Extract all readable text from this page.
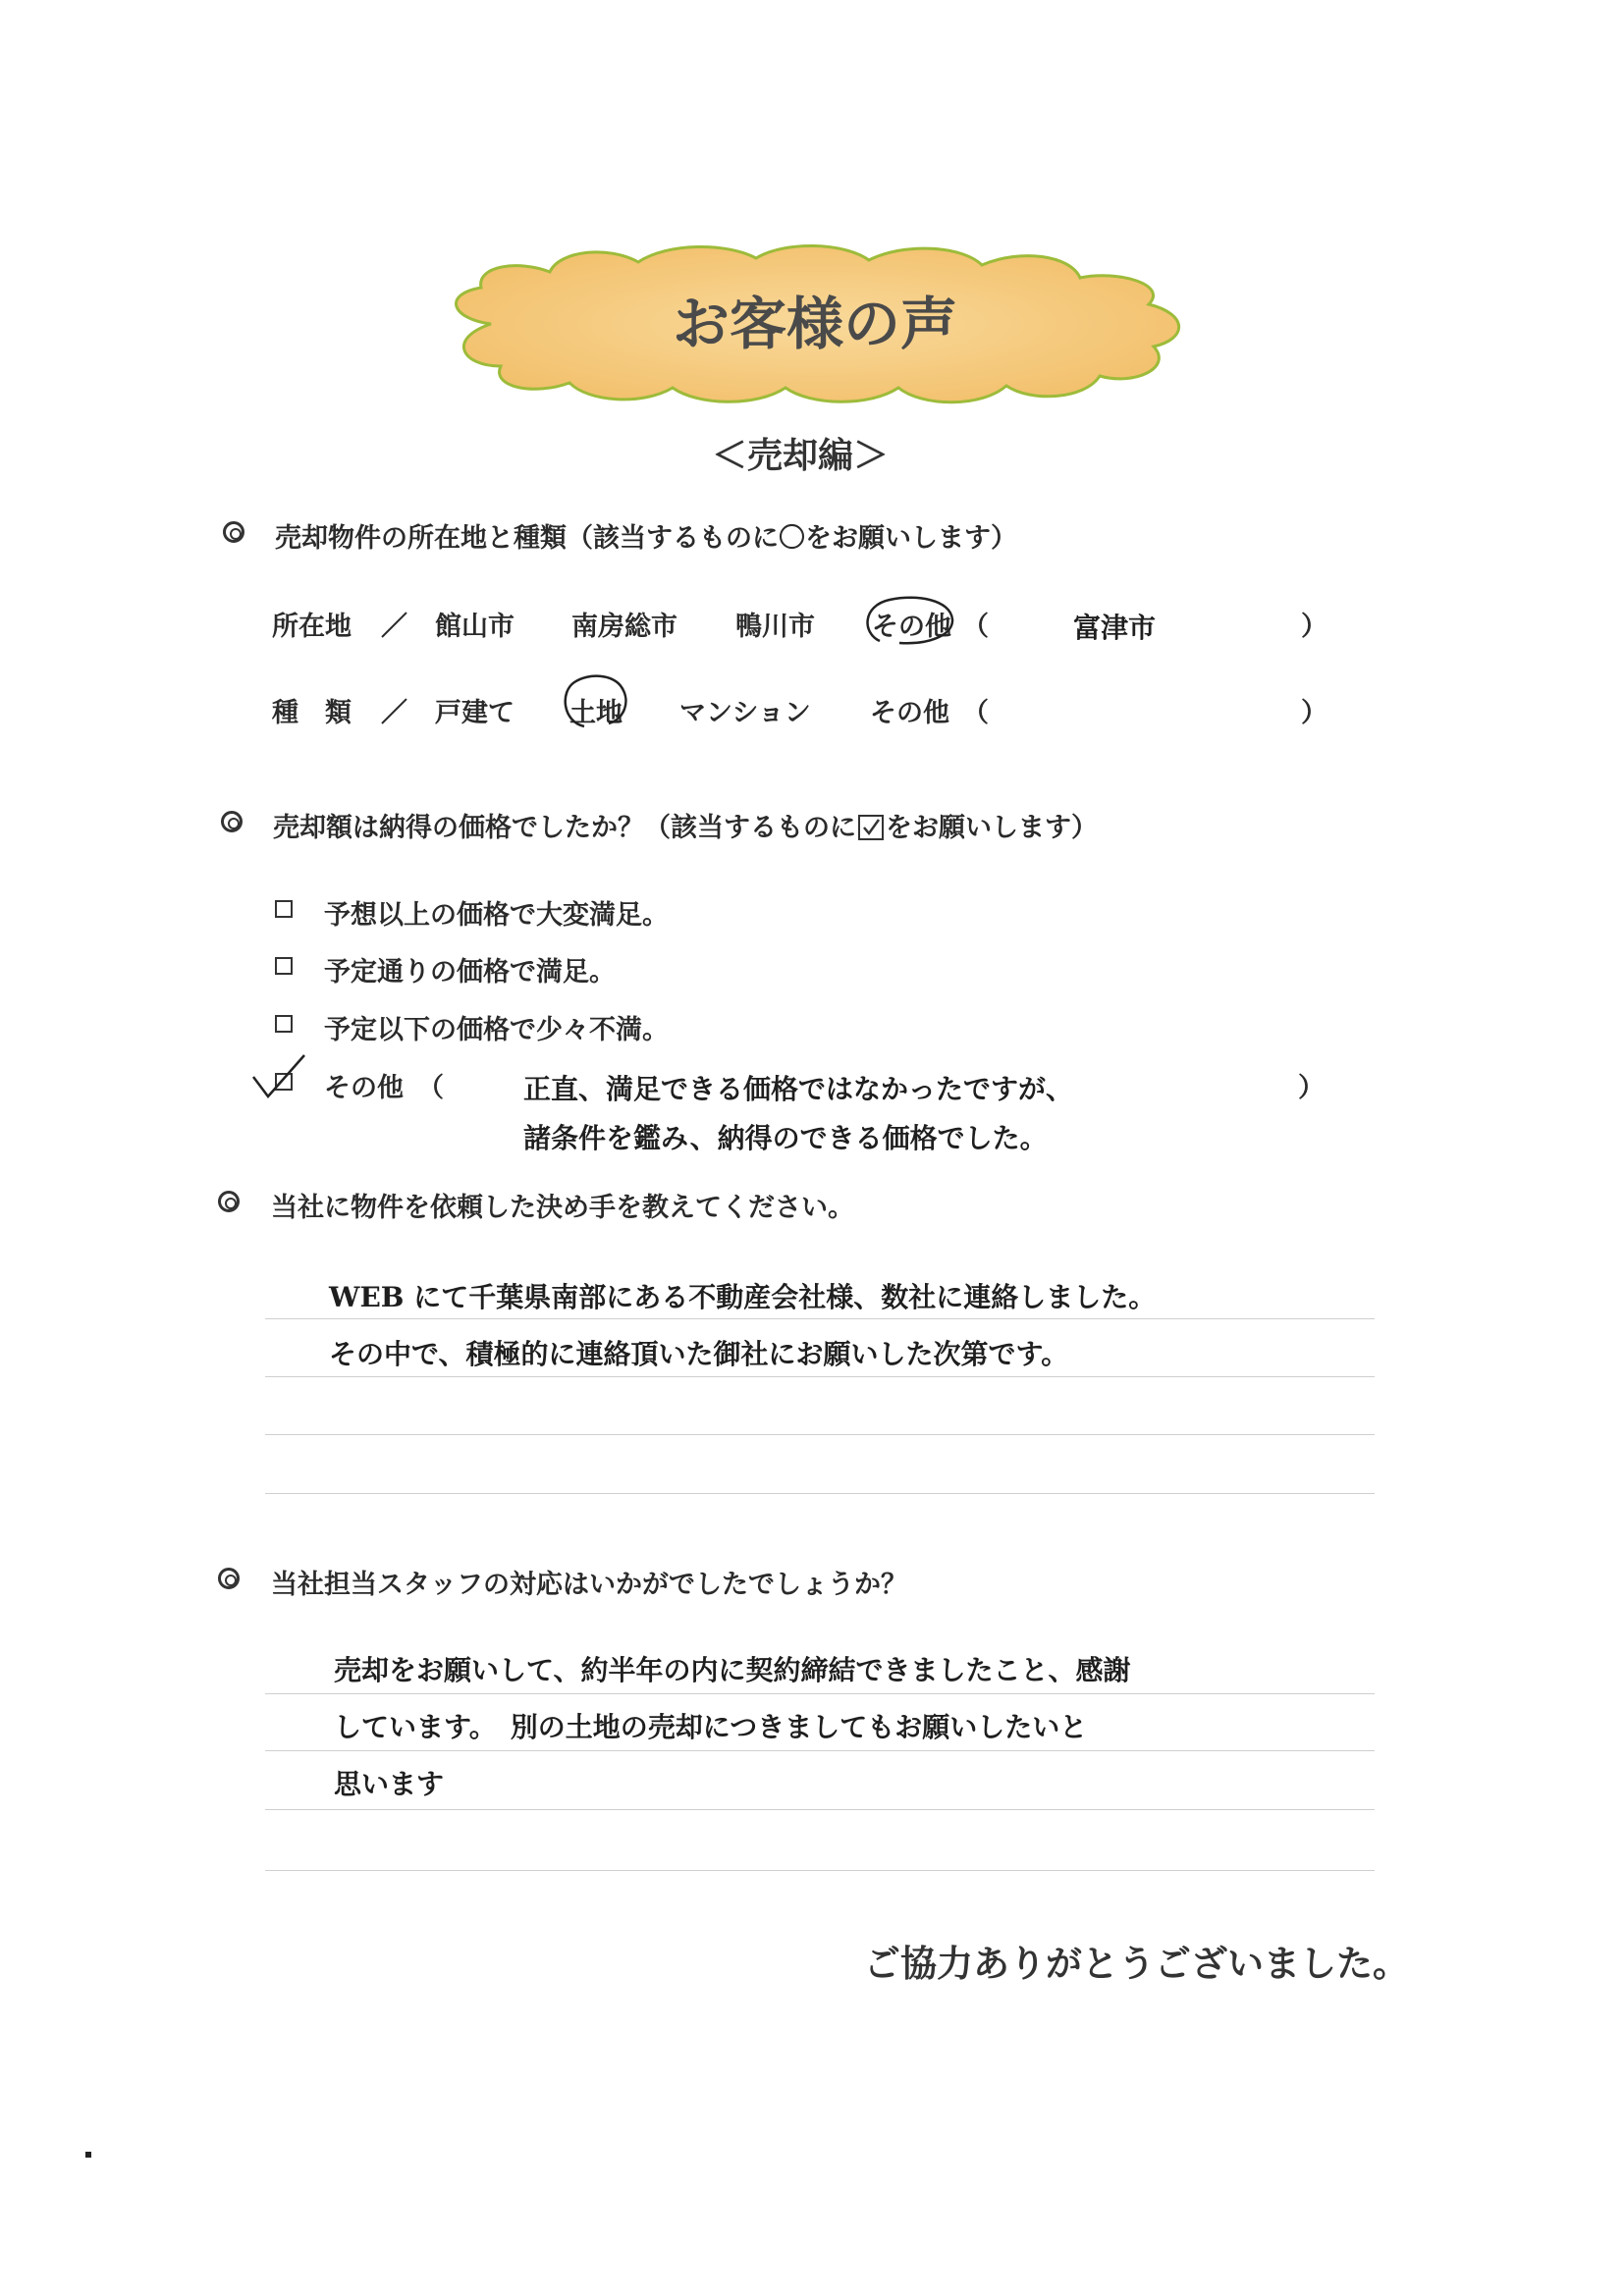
お客様の声
＜売却編＞
売却物件の所在地と種類（該当するものに〇をお願いします）
所在地 ／ 館山市 南房総市 鴨川市 その他 （	富津市	）
種　類 ／ 戸建て 土地 マンション その他 （	）
売却額は納得の価格でしたか？（該当するものに をお願いします）
予想以上の価格で大変満足。
予定通りの価格で満足。
予定以下の価格で少々不満。
その他 （	正直、満足できる価格ではなかったですが、	）
諸条件を鑑み、納得のできる価格でした。
当社に物件を依頼した決め手を教えてください。
WEB にて千葉県南部にある不動産会社様、数社に連絡しました。
その中で、積極的に連絡頂いた御社にお願いした次第です。
当社担当スタッフの対応はいかがでしたでしょうか？
売却をお願いして、約半年の内に契約締結できましたこと、感謝
しています。　別の土地の売却につきましてもお願いしたいと
思います
ご協力ありがとうございました。
